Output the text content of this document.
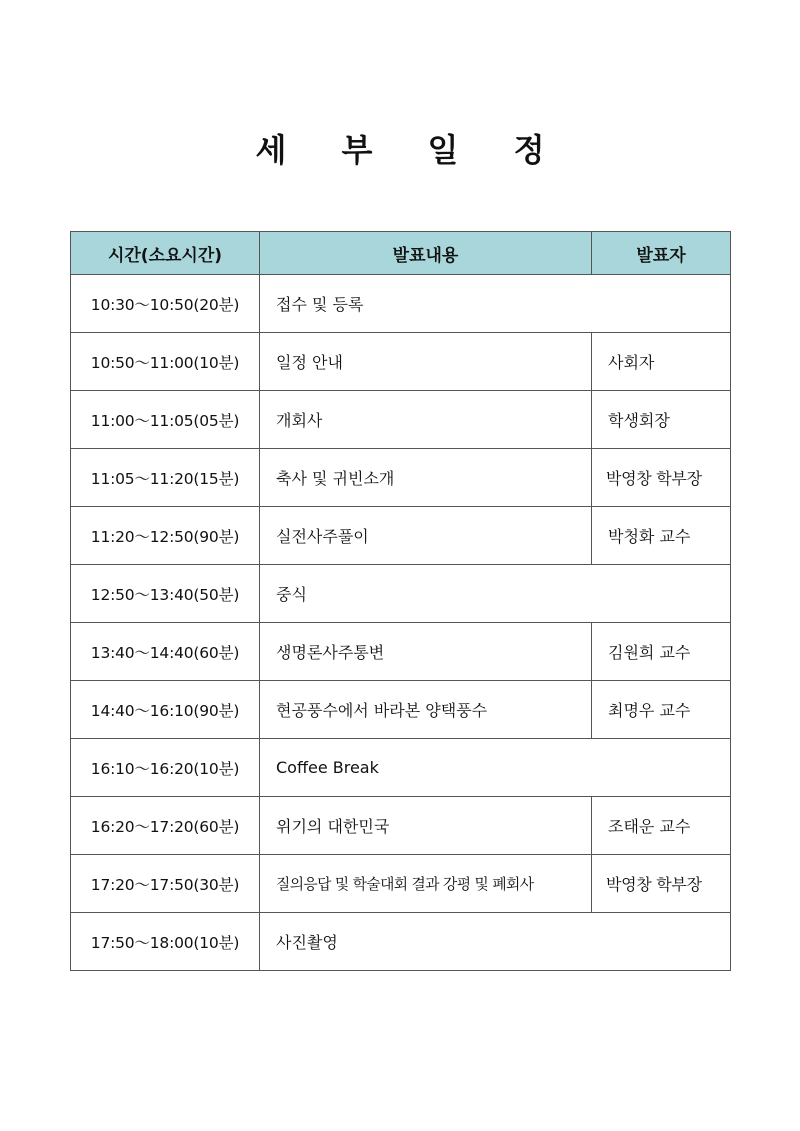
세 부 일 정
시간(소요시간)	발표내용	발표자
10:30～10:50(20분)	접수 및 등록	
10:50～11:00(10분)	일정 안내	사회자
11:00～11:05(05분)	개회사	학생회장
11:05～11:20(15분)	축사 및 귀빈소개	박영창 학부장
11:20～12:50(90분)	실전사주풀이	박청화 교수
12:50～13:40(50분)	중식	
13:40～14:40(60분)	생명론사주통변	김원희 교수
14:40～16:10(90분)	현공풍수에서 바라본 양택풍수	최명우 교수
16:10～16:20(10분)	Coffee Break	
16:20～17:20(60분)	위기의 대한민국	조태운 교수
17:20～17:50(30분)	질의응답 및 학술대회 결과 강평 및 폐회사	박영창 학부장
17:50～18:00(10분)	사진촬영	
